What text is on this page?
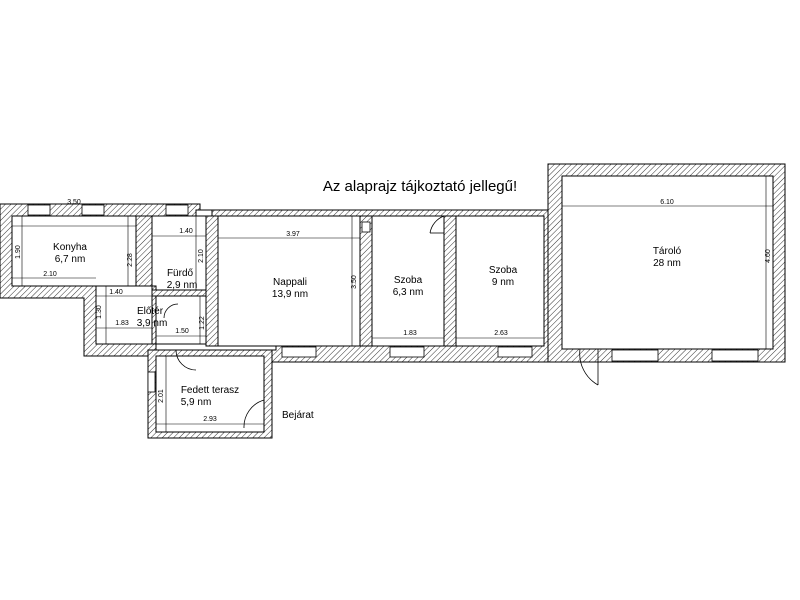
Az alaprajz tájkoztató jellegű!
Konyha
6,7 nm
Fürdő
2,9 nm
Előtér
3,9 nm
Nappali
13,9 nm
Szoba
6,3 nm
Szoba
9 nm
Tároló
28 nm
Fedett terasz
5,9 nm
3.50
1.90
2.10
2.28
1.40
2.10
1.40
1.30
1.83
1.50
1.22
3.97
3.50
1.83	2.63
6.10
4.60
2.01
2.93	Bejárat
